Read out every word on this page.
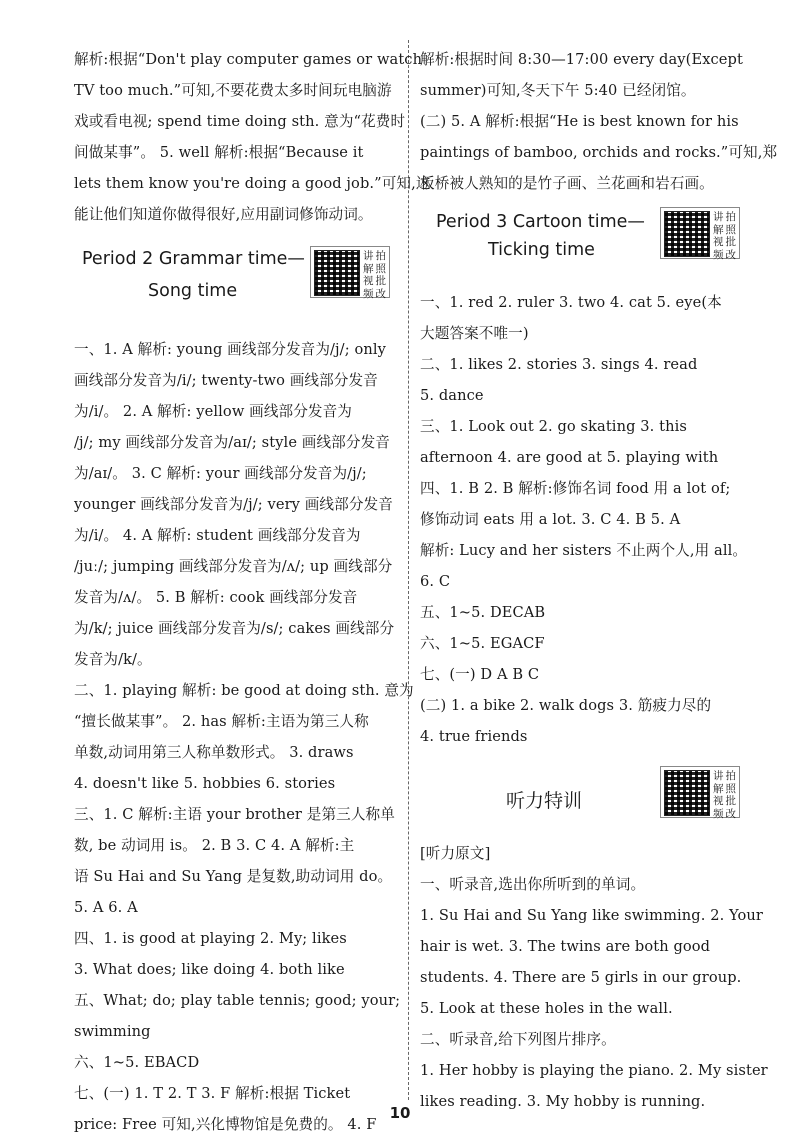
解析:根据“Don't play computer games or watch
TV too much.”可知,不要花费太多时间玩电脑游
戏或看电视; spend time doing sth. 意为“花费时
间做某事”。 5. well 解析:根据“Because it
lets them know you're doing a good job.”可知,这
能让他们知道你做得很好,应用副词修饰动词。
Period 2 Grammar time—
Song time
讲 拍
解 照
视 批
频 改
一、1. A 解析: young 画线部分发音为/j/; only
画线部分发音为/i/; twenty-two 画线部分发音
为/i/。 2. A 解析: yellow 画线部分发音为
/j/; my 画线部分发音为/aɪ/; style 画线部分发音
为/aɪ/。 3. C 解析: your 画线部分发音为/j/;
younger 画线部分发音为/j/; very 画线部分发音
为/i/。 4. A 解析: student 画线部分发音为
/juː/; jumping 画线部分发音为/ʌ/; up 画线部分
发音为/ʌ/。 5. B 解析: cook 画线部分发音
为/k/; juice 画线部分发音为/s/; cakes 画线部分
发音为/k/。
二、1. playing 解析: be good at doing sth. 意为
“擅长做某事”。 2. has 解析:主语为第三人称
单数,动词用第三人称单数形式。 3. draws
4. doesn't like 5. hobbies 6. stories
三、1. C 解析:主语 your brother 是第三人称单
数, be 动词用 is。 2. B 3. C 4. A 解析:主
语 Su Hai and Su Yang 是复数,助动词用 do。
5. A 6. A
四、1. is good at playing 2. My; likes
3. What does; like doing 4. both like
五、What; do; play table tennis; good; your;
swimming
六、1~5. EBACD
七、(一) 1. T 2. T 3. F 解析:根据 Ticket
price: Free 可知,兴化博物馆是免费的。 4. F
解析:根据时间 8:30—17:00 every day(Except
summer)可知,冬天下午 5:40 已经闭馆。
(二) 5. A 解析:根据“He is best known for his
paintings of bamboo, orchids and rocks.”可知,郑
板桥被人熟知的是竹子画、兰花画和岩石画。
Period 3 Cartoon time—
Ticking time
讲 拍
解 照
视 批
频 改
一、1. red 2. ruler 3. two 4. cat 5. eye(本
大题答案不唯一)
二、1. likes 2. stories 3. sings 4. read
5. dance
三、1. Look out 2. go skating 3. this
afternoon 4. are good at 5. playing with
四、1. B 2. B 解析:修饰名词 food 用 a lot of;
修饰动词 eats 用 a lot. 3. C 4. B 5. A
解析: Lucy and her sisters 不止两个人,用 all。
6. C
五、1~5. DECAB
六、1~5. EGACF
七、(一) D A B C
(二) 1. a bike 2. walk dogs 3. 筋疲力尽的
4. true friends
听力特训
讲 拍
解 照
视 批
频 改
[听力原文]
一、听录音,选出你所听到的单词。
1. Su Hai and Su Yang like swimming. 2. Your
hair is wet. 3. The twins are both good
students. 4. There are 5 girls in our group.
5. Look at these holes in the wall.
二、听录音,给下列图片排序。
1. Her hobby is playing the piano. 2. My sister
likes reading. 3. My hobby is running.
10
